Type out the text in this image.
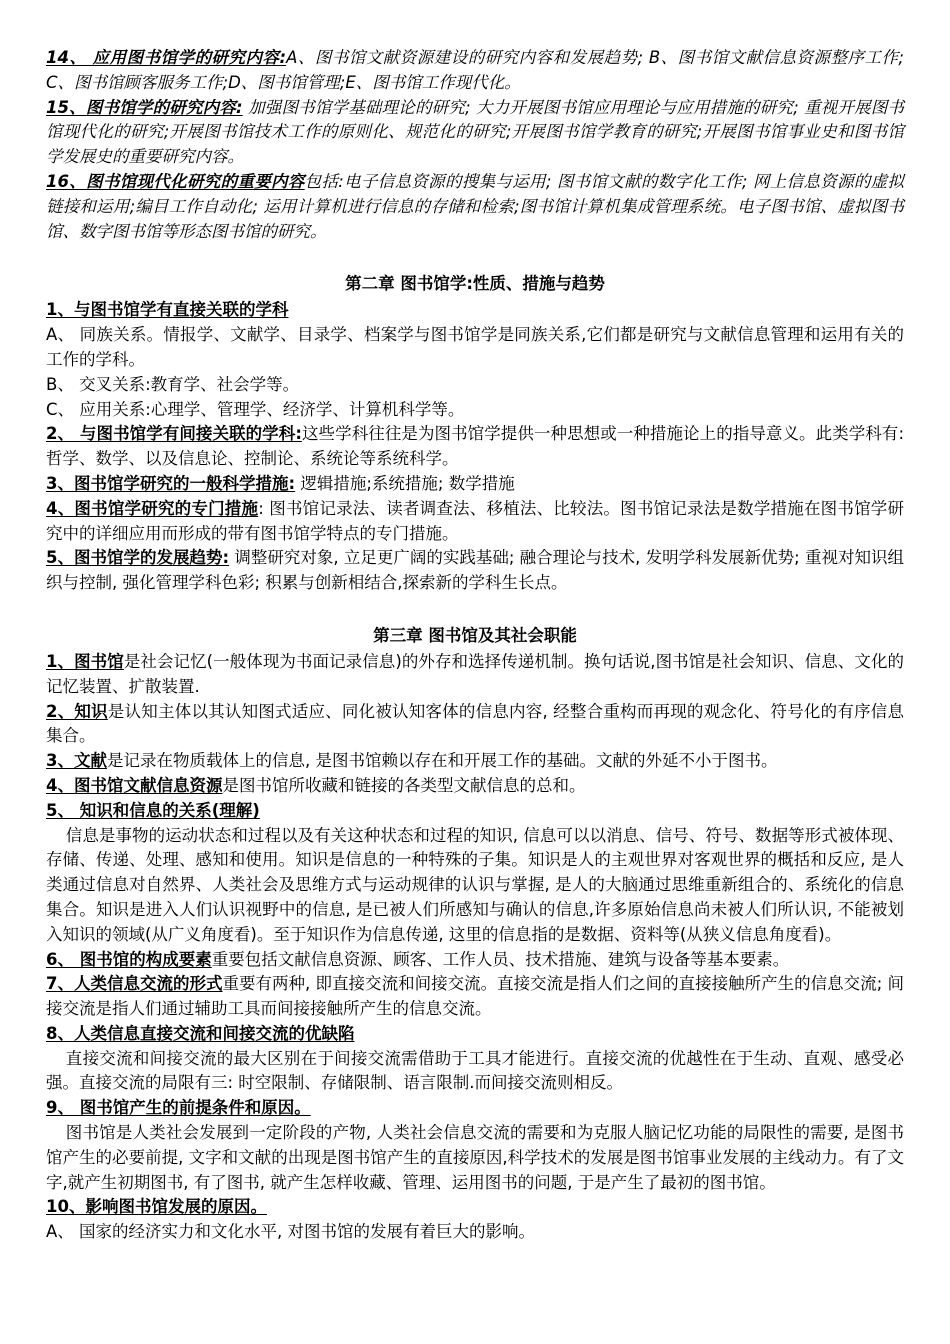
14、 应用图书馆学的研究内容:A、图书馆文献资源建设的研究内容和发展趋势; B、图书馆文献信息资源整序工作;C、图书馆顾客服务工作;D、图书馆管理;E、图书馆工作现代化。

15、图书馆学的研究内容: 加强图书馆学基础理论的研究; 大力开展图书馆应用理论与应用措施的研究; 重视开展图书馆现代化的研究;开展图书馆技术工作的原则化、规范化的研究;开展图书馆学教育的研究;开展图书馆事业史和图书馆学发展史的重要研究内容。

16、图书馆现代化研究的重要内容包括:电子信息资源的搜集与运用; 图书馆文献的数字化工作; 网上信息资源的虚拟链接和运用;编目工作自动化; 运用计算机进行信息的存储和检索;图书馆计算机集成管理系统。电子图书馆、虚拟图书馆、数字图书馆等形态图书馆的研究。

第二章 图书馆学:性质、措施与趋势

1、与图书馆学有直接关联的学科

A、 同族关系。情报学、文献学、目录学、档案学与图书馆学是同族关系,它们都是研究与文献信息管理和运用有关的工作的学科。

B、 交叉关系:教育学、社会学等。

C、 应用关系:心理学、管理学、经济学、计算机科学等。

2、 与图书馆学有间接关联的学科:这些学科往往是为图书馆学提供一种思想或一种措施论上的指导意义。此类学科有: 哲学、数学、以及信息论、控制论、系统论等系统科学。

3、图书馆学研究的一般科学措施: 逻辑措施;系统措施; 数学措施

4、图书馆学研究的专门措施: 图书馆记录法、读者调查法、移植法、比较法。图书馆记录法是数学措施在图书馆学研究中的详细应用而形成的带有图书馆学特点的专门措施。

5、图书馆学的发展趋势: 调整研究对象, 立足更广阔的实践基础; 融合理论与技术, 发明学科发展新优势; 重视对知识组织与控制, 强化管理学科色彩; 积累与创新相结合,探索新的学科生长点。

第三章 图书馆及其社会职能

1、图书馆是社会记忆(一般体现为书面记录信息)的外存和选择传递机制。换句话说,图书馆是社会知识、信息、文化的记忆装置、扩散装置.

2、知识是认知主体以其认知图式适应、同化被认知客体的信息内容, 经整合重构而再现的观念化、符号化的有序信息集合。

3、文献是记录在物质载体上的信息, 是图书馆赖以存在和开展工作的基础。文献的外延不小于图书。

4、图书馆文献信息资源是图书馆所收藏和链接的各类型文献信息的总和。

5、 知识和信息的关系(理解)

信息是事物的运动状态和过程以及有关这种状态和过程的知识, 信息可以以消息、信号、符号、数据等形式被体现、存储、传递、处理、感知和使用。知识是信息的一种特殊的子集。知识是人的主观世界对客观世界的概括和反应, 是人类通过信息对自然界、人类社会及思维方式与运动规律的认识与掌握, 是人的大脑通过思维重新组合的、系统化的信息集合。知识是进入人们认识视野中的信息, 是已被人们所感知与确认的信息,许多原始信息尚未被人们所认识, 不能被划入知识的领域(从广义角度看)。至于知识作为信息传递, 这里的信息指的是数据、资料等(从狭义信息角度看)。

6、 图书馆的构成要素重要包括文献信息资源、顾客、工作人员、技术措施、建筑与设备等基本要素。

7、人类信息交流的形式重要有两种, 即直接交流和间接交流。直接交流是指人们之间的直接接触所产生的信息交流; 间接交流是指人们通过辅助工具而间接接触所产生的信息交流。

8、人类信息直接交流和间接交流的优缺陷

直接交流和间接交流的最大区别在于间接交流需借助于工具才能进行。直接交流的优越性在于生动、直观、感受必强。直接交流的局限有三: 时空限制、存储限制、语言限制.而间接交流则相反。

9、 图书馆产生的前提条件和原因。

图书馆是人类社会发展到一定阶段的产物, 人类社会信息交流的需要和为克服人脑记忆功能的局限性的需要, 是图书馆产生的必要前提, 文字和文献的出现是图书馆产生的直接原因,科学技术的发展是图书馆事业发展的主线动力。有了文字,就产生初期图书, 有了图书, 就产生怎样收藏、管理、运用图书的问题, 于是产生了最初的图书馆。

10、影响图书馆发展的原因。

A、 国家的经济实力和文化水平, 对图书馆的发展有着巨大的影响。
